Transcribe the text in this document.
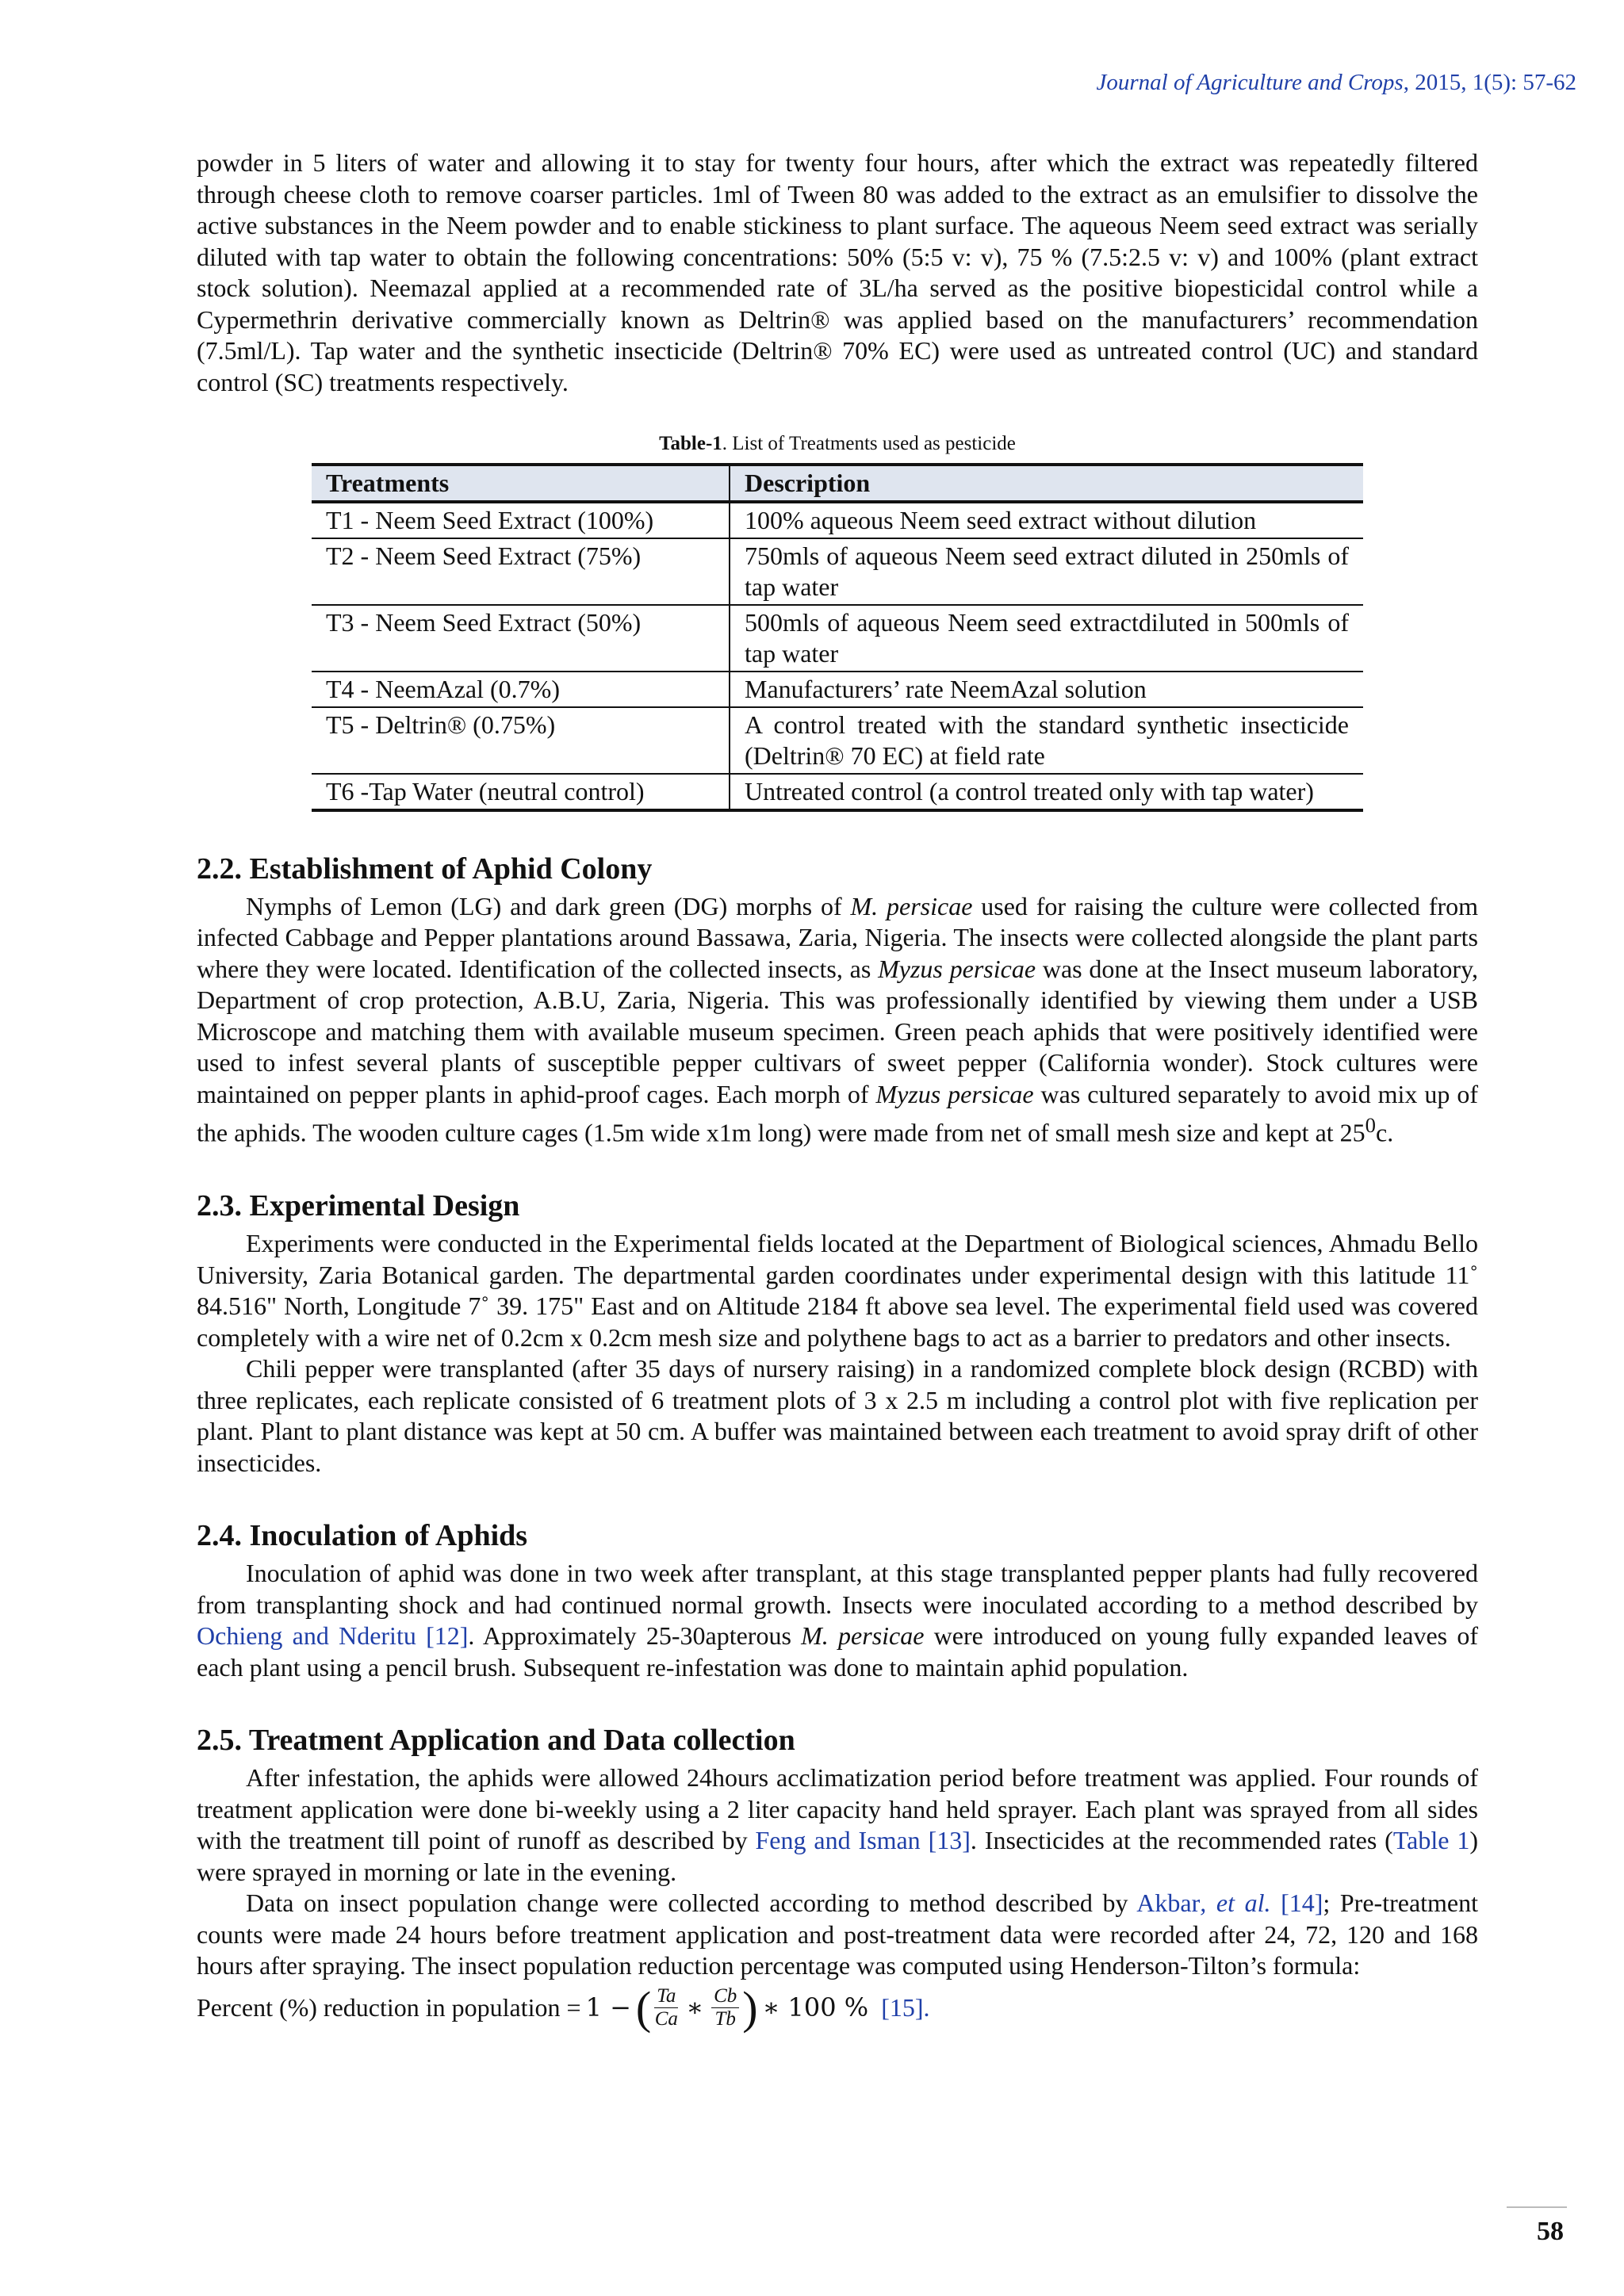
Journal of Agriculture and Crops, 2015, 1(5): 57-62

powder in 5 liters of water and allowing it to stay for twenty four hours, after which the extract was repeatedly filtered through cheese cloth to remove coarser particles. 1ml of Tween 80 was added to the extract as an emulsifier to dissolve the active substances in the Neem powder and to enable stickiness to plant surface. The aqueous Neem seed extract was serially diluted with tap water to obtain the following concentrations: 50% (5:5 v: v), 75 % (7.5:2.5 v: v) and 100% (plant extract stock solution). Neemazal applied at a recommended rate of 3L/ha served as the positive biopesticidal control while a Cypermethrin derivative commercially known as Deltrin® was applied based on the manufacturers’ recommendation (7.5ml/L). Tap water and the synthetic insecticide (Deltrin® 70% EC) were used as untreated control (UC) and standard control (SC) treatments respectively.

Table-1. List of Treatments used as pesticide
Treatments	Description
T1 - Neem Seed Extract (100%)	100% aqueous Neem seed extract without dilution
T2 - Neem Seed Extract (75%)	750mls of aqueous Neem seed extract diluted in 250mls of tap water
T3 - Neem Seed Extract (50%)	500mls of aqueous Neem seed extractdiluted in 500mls of tap water
T4 - NeemAzal (0.7%)	Manufacturers’ rate NeemAzal solution
T5 - Deltrin® (0.75%)	A control treated with the standard synthetic insecticide (Deltrin® 70 EC) at field rate
T6 -Tap Water (neutral control)	Untreated control (a control treated only with tap water)
2.2. Establishment of Aphid Colony

Nymphs of Lemon (LG) and dark green (DG) morphs of M. persicae used for raising the culture were collected from infected Cabbage and Pepper plantations around Bassawa, Zaria, Nigeria. The insects were collected alongside the plant parts where they were located. Identification of the collected insects, as Myzus persicae was done at the Insect museum laboratory, Department of crop protection, A.B.U, Zaria, Nigeria. This was professionally identified by viewing them under a USB Microscope and matching them with available museum specimen. Green peach aphids that were positively identified were used to infest several plants of susceptible pepper cultivars of sweet pepper (California wonder). Stock cultures were maintained on pepper plants in aphid-proof cages. Each morph of Myzus persicae was cultured separately to avoid mix up of the aphids. The wooden culture cages (1.5m wide x1m long) were made from net of small mesh size and kept at $25^0c$.

2.3. Experimental Design

Experiments were conducted in the Experimental fields located at the Department of Biological sciences, Ahmadu Bello University, Zaria Botanical garden. The departmental garden coordinates under experimental design with this latitude 11˚ 84.516" North, Longitude 7˚ 39. 175" East and on Altitude 2184 ft above sea level. The experimental field used was covered completely with a wire net of 0.2cm x 0.2cm mesh size and polythene bags to act as a barrier to predators and other insects.

Chili pepper were transplanted (after 35 days of nursery raising) in a randomized complete block design (RCBD) with three replicates, each replicate consisted of 6 treatment plots of 3 x 2.5 m including a control plot with five replication per plant. Plant to plant distance was kept at 50 cm. A buffer was maintained between each treatment to avoid spray drift of other insecticides.

2.4. Inoculation of Aphids

Inoculation of aphid was done in two week after transplant, at this stage transplanted pepper plants had fully recovered from transplanting shock and had continued normal growth. Insects were inoculated according to a method described by Ochieng and Nderitu [12]. Approximately 25-30apterous M. persicae were introduced on young fully expanded leaves of each plant using a pencil brush. Subsequent re-infestation was done to maintain aphid population.

2.5. Treatment Application and Data collection

After infestation, the aphids were allowed 24hours acclimatization period before treatment was applied. Four rounds of treatment application were done bi-weekly using a 2 liter capacity hand held sprayer. Each plant was sprayed from all sides with the treatment till point of runoff as described by Feng and Isman [13]. Insecticides at the recommended rates (Table 1) were sprayed in morning or late in the evening.

Data on insect population change were collected according to method described by Akbar, et al. [14]; Pre-treatment counts were made 24 hours before treatment application and post-treatment data were recorded after 24, 72, 120 and 168 hours after spraying. The insect population reduction percentage was computed using Henderson-Tilton’s formula:

Percent (%) reduction in population = 1 − ( $\frac{Ta}{Ca}$ ∗ $\frac{Cb}{Tb}$ ) ∗ 100 % [15].
58
